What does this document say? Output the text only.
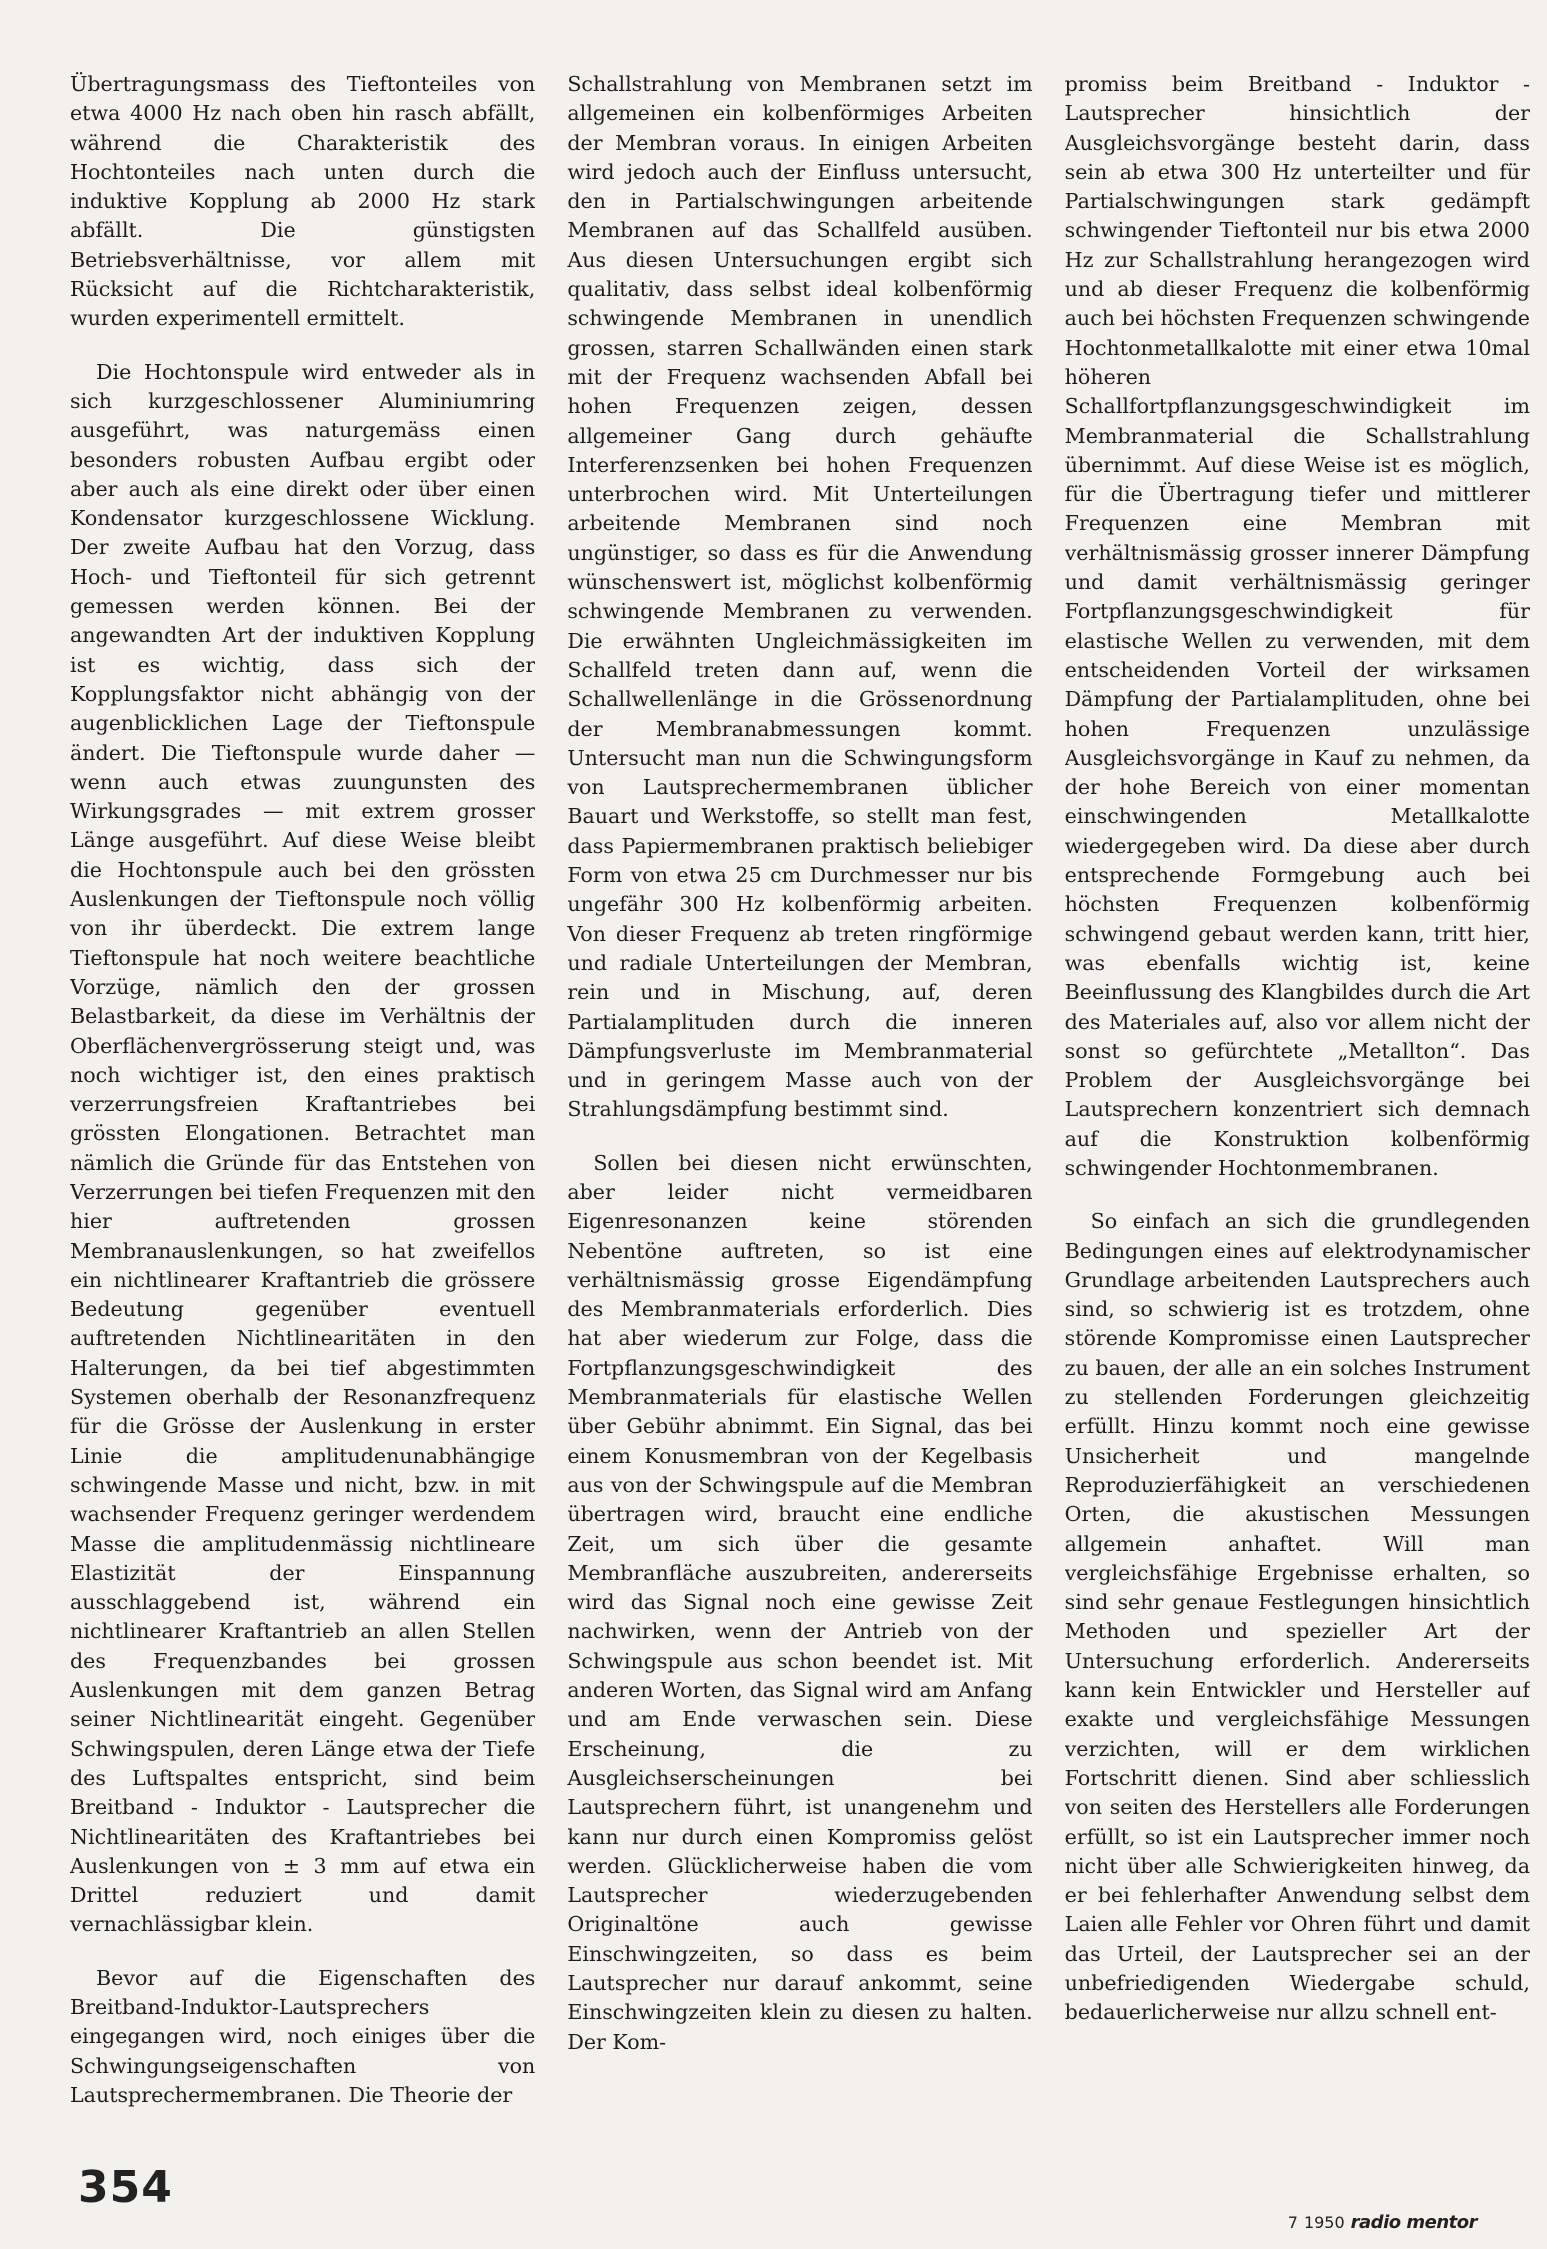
Übertragungsmass des Tieftonteiles von etwa 4000 Hz nach oben hin rasch abfällt, während die Charakteristik des Hochtonteiles nach unten durch die induktive Kopplung ab 2000 Hz stark abfällt. Die günstigsten Betriebsverhältnisse, vor allem mit Rücksicht auf die Richtcharakteristik, wurden experimentell ermittelt.

Die Hochtonspule wird entweder als in sich kurzgeschlossener Aluminiumring ausgeführt, was naturgemäss einen besonders robusten Aufbau ergibt oder aber auch als eine direkt oder über einen Kondensator kurzgeschlossene Wicklung. Der zweite Aufbau hat den Vorzug, dass Hoch- und Tieftonteil für sich getrennt gemessen werden können. Bei der angewandten Art der induktiven Kopplung ist es wichtig, dass sich der Kopplungsfaktor nicht abhängig von der augenblicklichen Lage der Tieftonspule ändert. Die Tieftonspule wurde daher — wenn auch etwas zuungunsten des Wirkungsgrades — mit extrem grosser Länge ausgeführt. Auf diese Weise bleibt die Hochtonspule auch bei den grössten Auslenkungen der Tieftonspule noch völlig von ihr überdeckt. Die extrem lange Tieftonspule hat noch weitere beachtliche Vorzüge, nämlich den der grossen Belastbarkeit, da diese im Verhältnis der Oberflächenvergrösserung steigt und, was noch wichtiger ist, den eines praktisch verzerrungsfreien Kraftantriebes bei grössten Elongationen. Betrachtet man nämlich die Gründe für das Entstehen von Verzerrungen bei tiefen Frequenzen mit den hier auftretenden grossen Membranauslenkungen, so hat zweifellos ein nichtlinearer Kraftantrieb die grössere Bedeutung gegenüber eventuell auftretenden Nichtlinearitäten in den Halterungen, da bei tief abgestimmten Systemen oberhalb der Resonanzfrequenz für die Grösse der Auslenkung in erster Linie die amplitudenunabhängige schwingende Masse und nicht, bzw. in mit wachsender Frequenz geringer werdendem Masse die amplitudenmässig nichtlineare Elastizität der Einspannung ausschlaggebend ist, während ein nichtlinearer Kraftantrieb an allen Stellen des Frequenzbandes bei grossen Auslenkungen mit dem ganzen Betrag seiner Nichtlinearität eingeht. Gegenüber Schwingspulen, deren Länge etwa der Tiefe des Luftspaltes entspricht, sind beim Breitband - Induktor - Lautsprecher die Nichtlinearitäten des Kraftantriebes bei Auslenkungen von ± 3 mm auf etwa ein Drittel reduziert und damit vernachlässigbar klein.

Bevor auf die Eigenschaften des Breitband-Induktor-Lautsprechers eingegangen wird, noch einiges über die Schwingungseigenschaften von Lautsprechermembranen. Die Theorie der

Schallstrahlung von Membranen setzt im allgemeinen ein kolbenförmiges Arbeiten der Membran voraus. In einigen Arbeiten wird jedoch auch der Einfluss untersucht, den in Partialschwingungen arbeitende Membranen auf das Schallfeld ausüben. Aus diesen Untersuchungen ergibt sich qualitativ, dass selbst ideal kolbenförmig schwingende Membranen in unendlich grossen, starren Schallwänden einen stark mit der Frequenz wachsenden Abfall bei hohen Frequenzen zeigen, dessen allgemeiner Gang durch gehäufte Interferenzsenken bei hohen Frequenzen unterbrochen wird. Mit Unterteilungen arbeitende Membranen sind noch ungünstiger, so dass es für die Anwendung wünschenswert ist, möglichst kolbenförmig schwingende Membranen zu verwenden. Die erwähnten Ungleichmässigkeiten im Schallfeld treten dann auf, wenn die Schallwellenlänge in die Grössenordnung der Membranabmessungen kommt. Untersucht man nun die Schwingungsform von Lautsprechermembranen üblicher Bauart und Werkstoffe, so stellt man fest, dass Papiermembranen praktisch beliebiger Form von etwa 25 cm Durchmesser nur bis ungefähr 300 Hz kolbenförmig arbeiten. Von dieser Frequenz ab treten ringförmige und radiale Unterteilungen der Membran, rein und in Mischung, auf, deren Partialamplituden durch die inneren Dämpfungsverluste im Membranmaterial und in geringem Masse auch von der Strahlungsdämpfung bestimmt sind.

Sollen bei diesen nicht erwünschten, aber leider nicht vermeidbaren Eigenresonanzen keine störenden Nebentöne auftreten, so ist eine verhältnismässig grosse Eigendämpfung des Membranmaterials erforderlich. Dies hat aber wiederum zur Folge, dass die Fortpflanzungsgeschwindigkeit des Membranmaterials für elastische Wellen über Gebühr abnimmt. Ein Signal, das bei einem Konusmembran von der Kegelbasis aus von der Schwingspule auf die Membran übertragen wird, braucht eine endliche Zeit, um sich über die gesamte Membranfläche auszubreiten, andererseits wird das Signal noch eine gewisse Zeit nachwirken, wenn der Antrieb von der Schwingspule aus schon beendet ist. Mit anderen Worten, das Signal wird am Anfang und am Ende verwaschen sein. Diese Erscheinung, die zu Ausgleichserscheinungen bei Lautsprechern führt, ist unangenehm und kann nur durch einen Kompromiss gelöst werden. Glücklicherweise haben die vom Lautsprecher wiederzugebenden Originaltöne auch gewisse Einschwingzeiten, so dass es beim Lautsprecher nur darauf ankommt, seine Einschwingzeiten klein zu diesen zu halten. Der Kom-

promiss beim Breitband - Induktor - Lautsprecher hinsichtlich der Ausgleichsvorgänge besteht darin, dass sein ab etwa 300 Hz unterteilter und für Partialschwingungen stark gedämpft schwingender Tieftonteil nur bis etwa 2000 Hz zur Schallstrahlung herangezogen wird und ab dieser Frequenz die kolbenförmig auch bei höchsten Frequenzen schwingende Hochtonmetallkalotte mit einer etwa 10mal höheren Schallfortpflanzungsgeschwindigkeit im Membranmaterial die Schallstrahlung übernimmt. Auf diese Weise ist es möglich, für die Übertragung tiefer und mittlerer Frequenzen eine Membran mit verhältnismässig grosser innerer Dämpfung und damit verhältnismässig geringer Fortpflanzungsgeschwindigkeit für elastische Wellen zu verwenden, mit dem entscheidenden Vorteil der wirksamen Dämpfung der Partialamplituden, ohne bei hohen Frequenzen unzulässige Ausgleichsvorgänge in Kauf zu nehmen, da der hohe Bereich von einer momentan einschwingenden Metallkalotte wiedergegeben wird. Da diese aber durch entsprechende Formgebung auch bei höchsten Frequenzen kolbenförmig schwingend gebaut werden kann, tritt hier, was ebenfalls wichtig ist, keine Beeinflussung des Klangbildes durch die Art des Materiales auf, also vor allem nicht der sonst so gefürchtete „Metallton“. Das Problem der Ausgleichsvorgänge bei Lautsprechern konzentriert sich demnach auf die Konstruktion kolbenförmig schwingender Hochtonmembranen.

So einfach an sich die grundlegenden Bedingungen eines auf elektrodynamischer Grundlage arbeitenden Lautsprechers auch sind, so schwierig ist es trotzdem, ohne störende Kompromisse einen Lautsprecher zu bauen, der alle an ein solches Instrument zu stellenden Forderungen gleichzeitig erfüllt. Hinzu kommt noch eine gewisse Unsicherheit und mangelnde Reproduzierfähigkeit an verschiedenen Orten, die akustischen Messungen allgemein anhaftet. Will man vergleichsfähige Ergebnisse erhalten, so sind sehr genaue Festlegungen hinsichtlich Methoden und spezieller Art der Untersuchung erforderlich. Andererseits kann kein Entwickler und Hersteller auf exakte und vergleichsfähige Messungen verzichten, will er dem wirklichen Fortschritt dienen. Sind aber schliesslich von seiten des Herstellers alle Forderungen erfüllt, so ist ein Lautsprecher immer noch nicht über alle Schwierigkeiten hinweg, da er bei fehlerhafter Anwendung selbst dem Laien alle Fehler vor Ohren führt und damit das Urteil, der Lautsprecher sei an der unbefriedigenden Wiedergabe schuld, bedauerlicherweise nur allzu schnell ent-

354
7 1950 radio mentor
